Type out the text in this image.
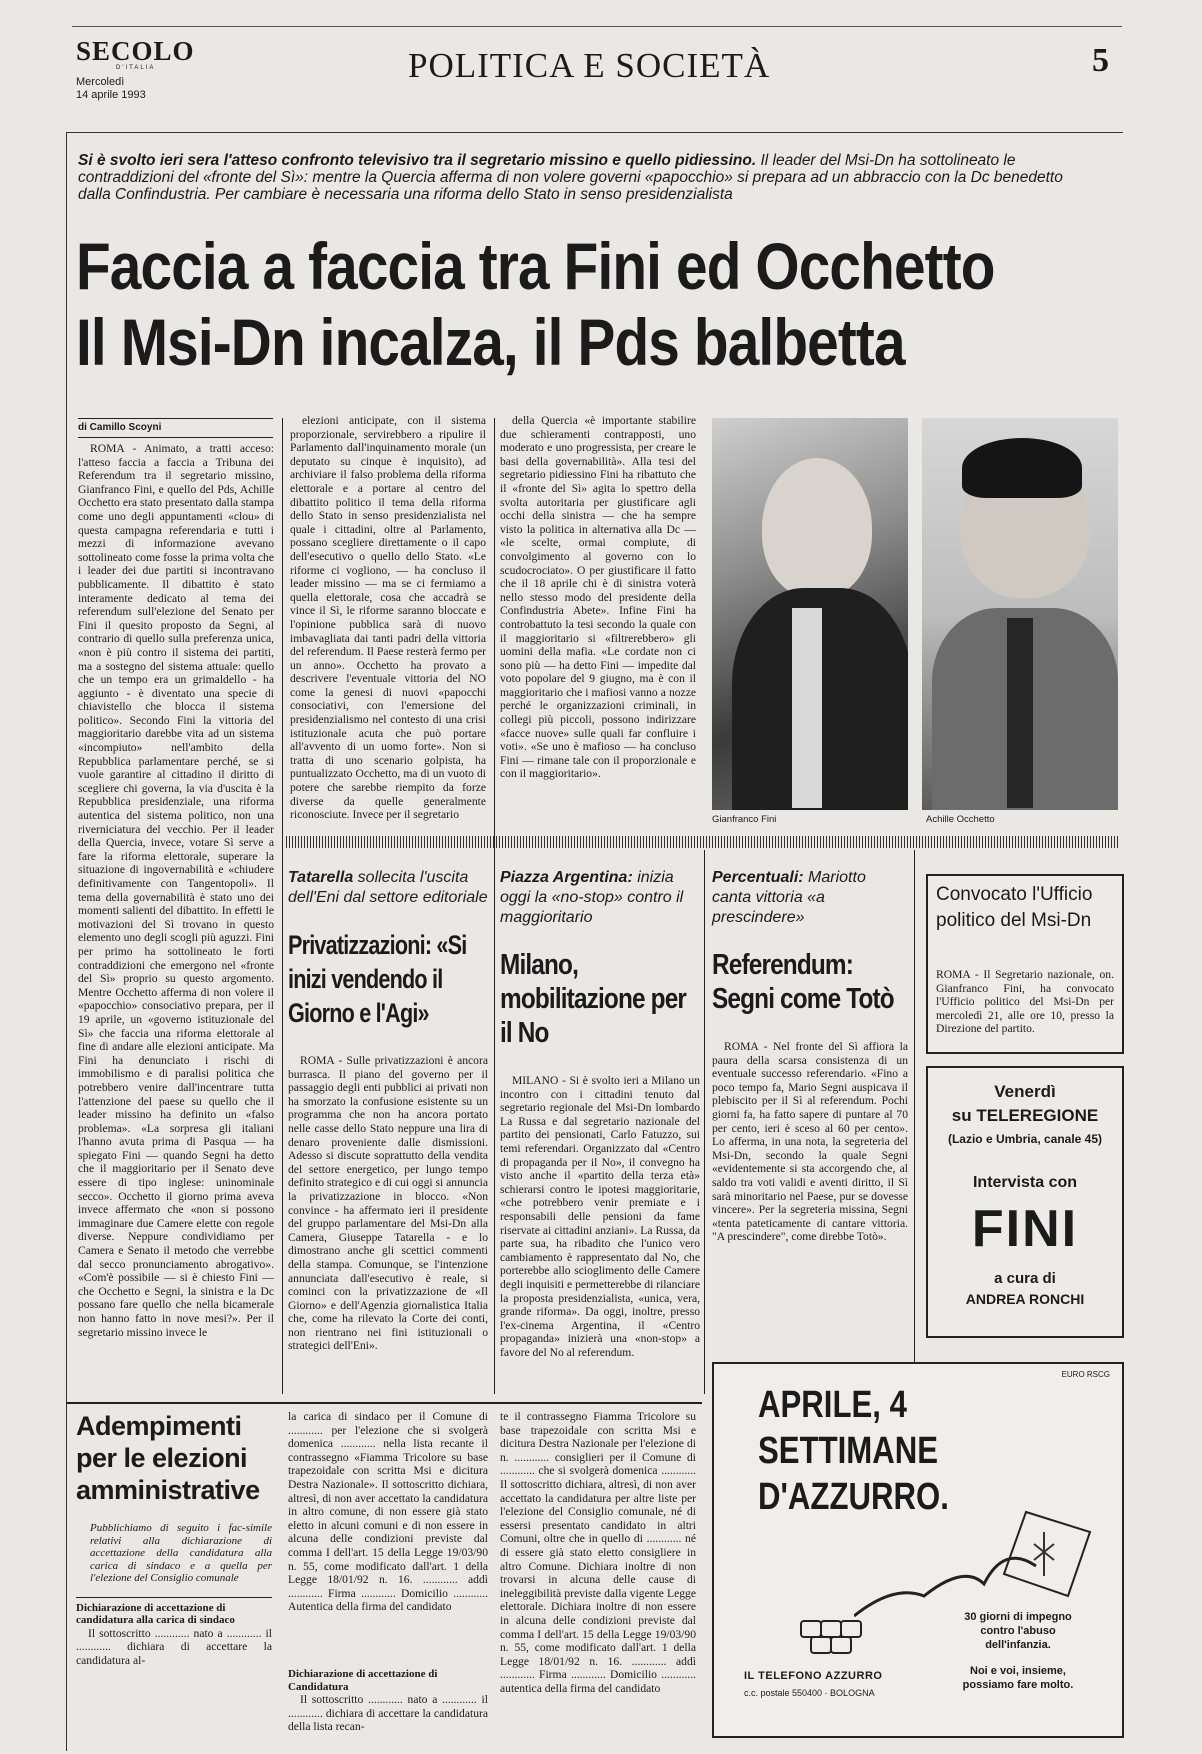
SECOLO
D'ITALIA
Mercoledì
14 aprile 1993
POLITICA E SOCIETÀ	5
Si è svolto ieri sera l'atteso confronto televisivo tra il segretario missino e quello pidiessino. Il leader del Msi-Dn ha sottolineato le contraddizioni del «fronte del Sì»: mentre la Quercia afferma di non volere governi «papocchio» si prepara ad un abbraccio con la Dc benedetto dalla Confindustria. Per cambiare è necessaria una riforma dello Stato in senso presidenzialista
Faccia a faccia tra Fini ed Occhetto
Il Msi-Dn incalza, il Pds balbetta
di Camillo Scoyni

ROMA - Animato, a tratti acceso: l'atteso faccia a faccia a Tribuna dei Referendum tra il segretario missino, Gianfranco Fini, e quello del Pds, Achille Occhetto era stato presentato dalla stampa come uno degli appuntamenti «clou» di questa campagna referendaria e tutti i mezzi di informazione avevano sottolineato come fosse la prima volta che i leader dei due partiti si incontravano pubblicamente. Il dibattito è stato interamente dedicato al tema dei referendum sull'elezione del Senato per Fini il quesito proposto da Segni, al contrario di quello sulla preferenza unica, «non è più contro il sistema dei partiti, ma a sostegno del sistema attuale: quello che un tempo era un grimaldello - ha aggiunto - è diventato una specie di chiavistello che blocca il sistema politico». Secondo Fini la vittoria del maggioritario darebbe vita ad un sistema «incompiuto» nell'ambito della Repubblica parlamentare perché, se si vuole garantire al cittadino il diritto di scegliere chi governa, la via d'uscita è la Repubblica presidenziale, una riforma autentica del sistema politico, non una riverniciatura del vecchio. Per il leader della Quercia, invece, votare Sì serve a fare la riforma elettorale, superare la situazione di ingovernabilità e «chiudere definitivamente con Tangentopoli». Il tema della governabilità è stato uno dei momenti salienti del dibattito. In effetti le motivazioni del Sì trovano in questo elemento uno degli scogli più aguzzi. Fini per primo ha sottolineato le forti contraddizioni che emergono nel «fronte del Sì» proprio su questo argomento. Mentre Occhetto afferma di non volere il «papocchio» consociativo prepara, per il 19 aprile, un «governo istituzionale del Sì» che faccia una riforma elettorale al fine di andare alle elezioni anticipate. Ma Fini ha denunciato i rischi di immobilismo e di paralisi politica che potrebbero venire dall'incentrare tutta l'attenzione del paese su quello che il leader missino ha definito un «falso problema». «La sorpresa gli italiani l'hanno avuta prima di Pasqua — ha spiegato Fini — quando Segni ha detto che il maggioritario per il Senato deve essere di tipo inglese: uninominale secco». Occhetto il giorno prima aveva invece affermato che «non si possono immaginare due Camere elette con regole diverse. Neppure condividiamo per Camera e Senato il metodo che verrebbe dal secco pronunciamento abrogativo». «Com'è possibile — si è chiesto Fini — che Occhetto e Segni, la sinistra e la Dc possano fare quello che nella bicamerale non hanno fatto in nove mesi?». Per il segretario missino invece le

elezioni anticipate, con il sistema proporzionale, servirebbero a ripulire il Parlamento dall'inquinamento morale (un deputato su cinque è inquisito), ad archiviare il falso problema della riforma elettorale e a portare al centro del dibattito politico il tema della riforma dello Stato in senso presidenzialista nel quale i cittadini, oltre al Parlamento, possano scegliere direttamente o il capo dell'esecutivo o quello dello Stato. «Le riforme ci vogliono, — ha concluso il leader missino — ma se ci fermiamo a quella elettorale, cosa che accadrà se vince il Sì, le riforme saranno bloccate e l'opinione pubblica sarà di nuovo imbavagliata dai tanti padri della vittoria del referendum. Il Paese resterà fermo per un anno». Occhetto ha provato a descrivere l'eventuale vittoria del NO come la genesi di nuovi «papocchi consociativi, con l'emersione del presidenzialismo nel contesto di una crisi istituzionale acuta che può portare all'avvento di un uomo forte». Non si tratta di uno scenario golpista, ha puntualizzato Occhetto, ma di un vuoto di potere che sarebbe riempito da forze diverse da quelle generalmente riconosciute. Invece per il segretario

della Quercia «è importante stabilire due schieramenti contrapposti, uno moderato e uno progressista, per creare le basi della governabilità». Alla tesi del segretario pidiessino Fini ha ribattuto che il «fronte del Sì» agita lo spettro della svolta autoritaria per giustificare agli occhi della sinistra — che ha sempre visto la politica in alternativa alla Dc — «le scelte, ormai compiute, di convolgimento al governo con lo scudocrociato». O per giustificare il fatto che il 18 aprile chi è di sinistra voterà nello stesso modo del presidente della Confindustria Abete». Infine Fini ha controbattuto la tesi secondo la quale con il maggioritario si «filtrerebbero» gli uomini della mafia. «Le cordate non ci sono più — ha detto Fini — impedite dal voto popolare del 9 giugno, ma è con il maggioritario che i mafiosi vanno a nozze perché le organizzazioni criminali, in collegi più piccoli, possono indirizzare «facce nuove» sulle quali far confluire i voti». «Se uno è mafioso — ha concluso Fini — rimane tale con il proporzionale e con il maggioritario».

Gianfranco Fini	Achille Occhetto
Tatarella sollecita l'uscita dell'Eni dal settore editoriale
Privatizzazioni: «Si inizi vendendo il Giorno e l'Agi»

ROMA - Sulle privatizzazioni è ancora burrasca. Il piano del governo per il passaggio degli enti pubblici ai privati non ha smorzato la confusione esistente su un programma che non ha ancora portato nelle casse dello Stato neppure una lira di denaro proveniente dalle dismissioni. Adesso si discute soprattutto della vendita del settore energetico, per lungo tempo definito strategico e di cui oggi si annuncia la privatizzazione in blocco. «Non convince - ha affermato ieri il presidente del gruppo parlamentare del Msi-Dn alla Camera, Giuseppe Tatarella - e lo dimostrano anche gli scettici commenti della stampa. Comunque, se l'intenzione annunciata dall'esecutivo è reale, si cominci con la privatizzazione de «Il Giorno» e dell'Agenzia giornalistica Italia che, come ha rilevato la Corte dei conti, non rientrano nei fini istituzionali o strategici dell'Eni».

Piazza Argentina: inizia oggi la «no-stop» contro il maggioritario
Milano, mobilitazione per il No

MILANO - Si è svolto ieri a Milano un incontro con i cittadini tenuto dal segretario regionale del Msi-Dn lombardo La Russa e dal segretario nazionale del partito dei pensionati, Carlo Fatuzzo, sui temi referendari. Organizzato dal «Centro di propaganda per il No», il convegno ha visto anche il «partito della terza età» schierarsi contro le ipotesi maggioritarie, «che potrebbero venir premiate e i responsabili delle pensioni da fame riservate ai cittadini anziani». La Russa, da parte sua, ha ribadito che l'unico vero cambiamento è rappresentato dal No, che porterebbe allo scioglimento delle Camere degli inquisiti e permetterebbe di rilanciare la proposta presidenzialista, «unica, vera, grande riforma». Da oggi, inoltre, presso l'ex-cinema Argentina, il «Centro propaganda» inizierà una «non-stop» a favore del No al referendum.

Percentuali: Mariotto canta vittoria «a prescindere»
Referendum: Segni come Totò

ROMA - Nel fronte del Sì affiora la paura della scarsa consistenza di un eventuale successo referendario. «Fino a poco tempo fa, Mario Segni auspicava il plebiscito per il Sì al referendum. Pochi giorni fa, ha fatto sapere di puntare al 70 per cento, ieri è sceso al 60 per cento». Lo afferma, in una nota, la segreteria del Msi-Dn, secondo la quale Segni «evidentemente si sta accorgendo che, al saldo tra voti validi e aventi diritto, il Sì sarà minoritario nel Paese, pur se dovesse vincere». Per la segreteria missina, Segni «tenta pateticamente di cantare vittoria. "A prescindere", come direbbe Totò».

Convocato l'Ufficio politico del Msi-Dn

ROMA - Il Segretario nazionale, on. Gianfranco Fini, ha convocato l'Ufficio politico del Msi-Dn per mercoledì 21, alle ore 10, presso la Direzione del partito.

Venerdì
su TELEREGIONE
(Lazio e Umbria, canale 45)
Intervista con
FINI
a cura di
ANDREA RONCHI
Adempimenti per le elezioni amministrative
Pubblichiamo di seguito i fac-simile relativi alla dichiarazione di accettazione della candidatura alla carica di sindaco e a quella per l'elezione del Consiglio comunale
Dichiarazione di accettazione di candidatura alla carica di sindaco

Il sottoscritto ............ nato a ............ il ............ dichiara di accettare la candidatura al-

la carica di sindaco per il Comune di ............ per l'elezione che si svolgerà domenica ............ nella lista recante il contrassegno «Fiamma Tricolore su base trapezoidale con scritta Msi e dicitura Destra Nazionale». Il sottoscritto dichiara, altresì, di non aver accettato la candidatura in altro comune, di non essere già stato eletto in alcuni comuni e di non essere in alcuna delle condizioni previste dal comma I dell'art. 15 della Legge 19/03/90 n. 55, come modificato dall'art. 1 della Legge 18/01/92 n. 16. ............ addì ............ Firma ............ Domicilio ............ Autentica della firma del candidato

Dichiarazione di accettazione di Candidatura

Il sottoscritto ............ nato a ............ il ............ dichiara di accettare la candidatura della lista recan-

te il contrassegno Fiamma Tricolore su base trapezoidale con scritta Msi e dicitura Destra Nazionale per l'elezione di n. ............ consiglieri per il Comune di ............ che si svolgerà domenica ............ Il sottoscritto dichiara, altresì, di non aver accettato la candidatura per altre liste per l'elezione del Consiglio comunale, né di essersi presentato candidato in altri Comuni, oltre che in quello di ............ né di essere già stato eletto consigliere in altro Comune. Dichiara inoltre di non trovarsi in alcuna delle cause di ineleggibilità previste dalla vigente Legge elettorale. Dichiara inoltre di non essere in alcuna delle condizioni previste dal comma I dell'art. 15 della Legge 19/03/90 n. 55, come modificato dall'art. 1 della Legge 18/01/92 n. 16. ............ addì ............ Firma ............ Domicilio ............ autentica della firma del candidato

EURO RSCG
APRILE, 4 SETTIMANE D'AZZURRO.
IL TELEFONO AZZURRO
c.c. postale 550400 · BOLOGNA
30 giorni di impegno contro l'abuso dell'infanzia.
Noi e voi, insieme, possiamo fare molto.
